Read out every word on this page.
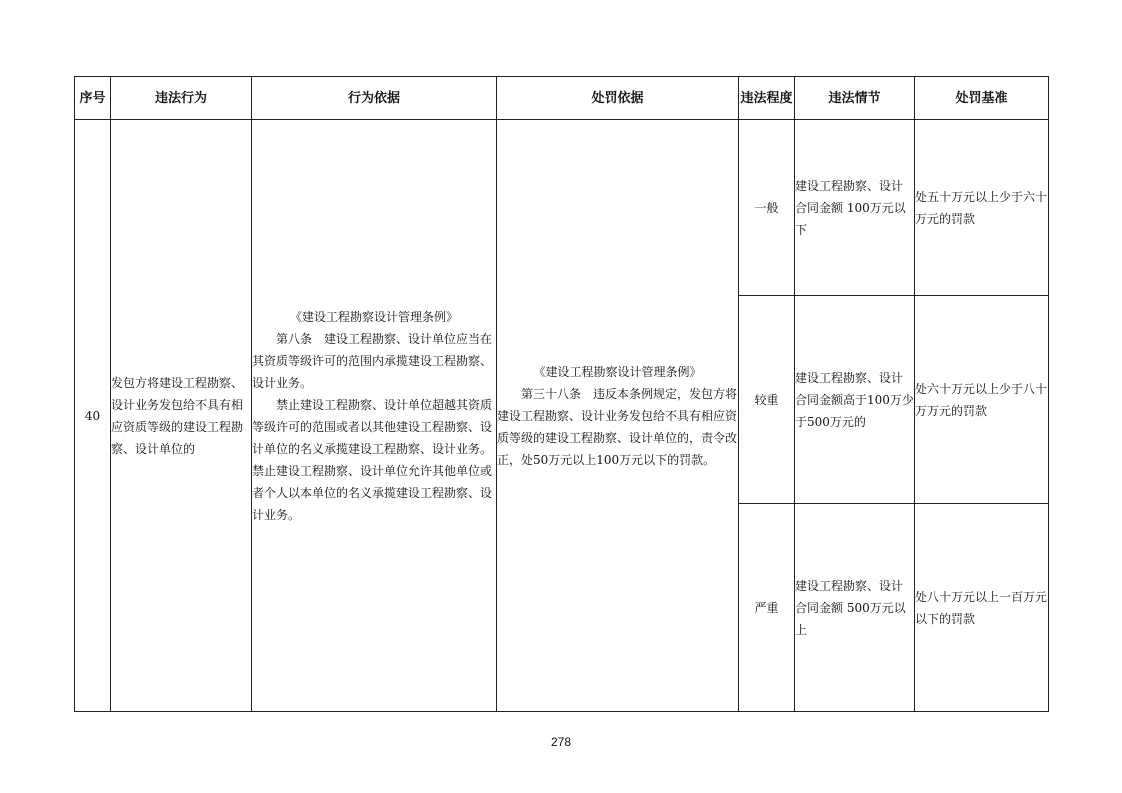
序号	违法行为	行为依据	处罚依据	违法程度	违法情节	处罚基准
40	发包方将建设工程勘察、设计业务发包给不具有相应资质等级的建设工程勘察、设计单位的	《建设工程勘察设计管理条例》
第八条　建设工程勘察、设计单位应当在其资质等级许可的范围内承揽建设工程勘察、设计业务。
禁止建设工程勘察、设计单位超越其资质等级许可的范围或者以其他建设工程勘察、设计单位的名义承揽建设工程勘察、设计业务。禁止建设工程勘察、设计单位允许其他单位或者个人以本单位的名义承揽建设工程勘察、设计业务。	《建设工程勘察设计管理条例》
第三十八条　违反本条例规定，发包方将建设工程勘察、设计业务发包给不具有相应资质等级的建设工程勘察、设计单位的，责令改正，处50万元以上100万元以下的罚款。	一般	建设工程勘察、设计合同金额 100万元以下	处五十万元以上少于六十万元的罚款
				较重	建设工程勘察、设计合同金额高于100万少于500万元的	处六十万元以上少于八十万万元的罚款
				严重	建设工程勘察、设计合同金额 500万元以上	处八十万元以上一百万元以下的罚款
278
